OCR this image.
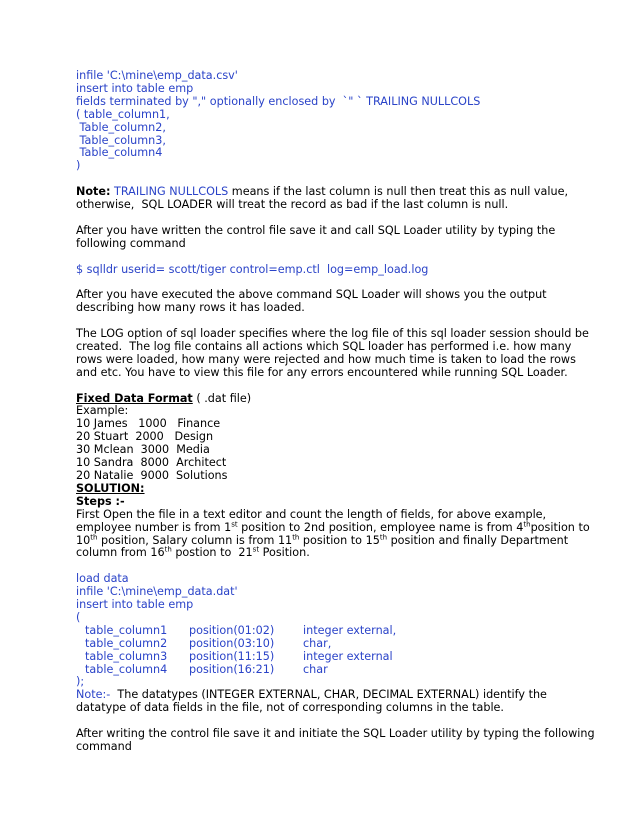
infile 'C:\mine\emp_data.csv'
insert into table emp
fields terminated by "," optionally enclosed by  `" ` TRAILING NULLCOLS
( table_column1,
Table_column2,
Table_column3,
Table_column4
)
Note: TRAILING NULLCOLS means if the last column is null then treat this as null value,
otherwise,  SQL LOADER will treat the record as bad if the last column is null.
After you have written the control file save it and call SQL Loader utility by typing the
following command
$ sqlldr userid= scott/tiger control=emp.ctl  log=emp_load.log
After you have executed the above command SQL Loader will shows you the output
describing how many rows it has loaded.
The LOG option of sql loader specifies where the log file of this sql loader session should be
created.  The log file contains all actions which SQL loader has performed i.e. how many
rows were loaded, how many were rejected and how much time is taken to load the rows
and etc. You have to view this file for any errors encountered while running SQL Loader.
Fixed Data Format ( .dat file)
Example:
10 James   1000   Finance
20 Stuart  2000   Design
30 Mclean  3000  Media
10 Sandra  8000  Architect
20 Natalie  9000  Solutions
SOLUTION:
Steps :-
First Open the file in a text editor and count the length of fields, for above example,
employee number is from 1st position to 2nd position, employee name is from 4thposition to
10th position, Salary column is from 11th position to 15th position and finally Department
column from 16th postion to  21st Position.
load data
infile 'C:\mine\emp_data.dat'
insert into table emp
(
table_column1	position(01:02)	integer external,
table_column2	position(03:10)	char,
table_column3	position(11:15)	integer external
table_column4	position(16:21)	char
);
Note:-  The datatypes (INTEGER EXTERNAL, CHAR, DECIMAL EXTERNAL) identify the
datatype of data fields in the file, not of corresponding columns in the table.
After writing the control file save it and initiate the SQL Loader utility by typing the following
command
